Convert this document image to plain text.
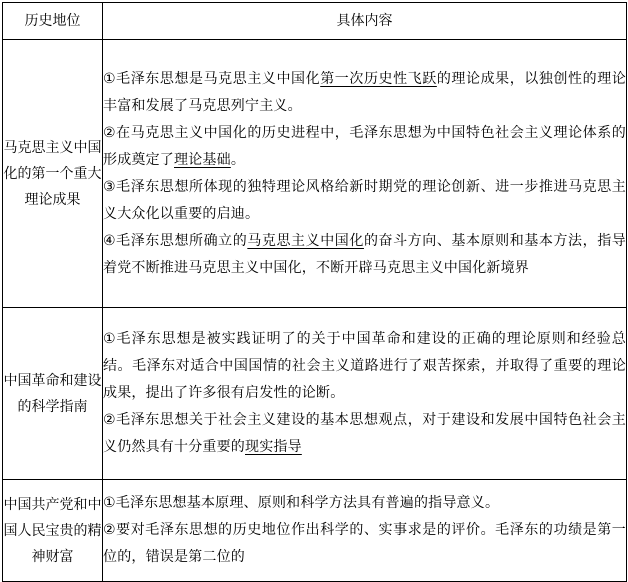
历史地位	具体内容
马克思主义中国化的第一个重大理论成果	①毛泽东思想是马克思主义中国化第一次历史性飞跃的理论成果，以独创性的理论丰富和发展了马克思列宁主义。

②在马克思主义中国化的历史进程中，毛泽东思想为中国特色社会主义理论体系的形成奠定了理论基础。

③毛泽东思想所体现的独特理论风格给新时期党的理论创新、进一步推进马克思主义大众化以重要的启迪。

④毛泽东思想所确立的马克思主义中国化的奋斗方向、基本原则和基本方法，指导着党不断推进马克思主义中国化，不断开辟马克思主义中国化新境界

中国革命和建设的科学指南	①毛泽东思想是被实践证明了的关于中国革命和建设的正确的理论原则和经验总结。毛泽东对适合中国国情的社会主义道路进行了艰苦探索，并取得了重要的理论成果，提出了许多很有启发性的论断。

②毛泽东思想关于社会主义建设的基本思想观点，对于建设和发展中国特色社会主义仍然具有十分重要的现实指导

中国共产党和中国人民宝贵的精神财富	①毛泽东思想基本原理、原则和科学方法具有普遍的指导意义。

②要对毛泽东思想的历史地位作出科学的、实事求是的评价。毛泽东的功绩是第一位的，错误是第二位的
